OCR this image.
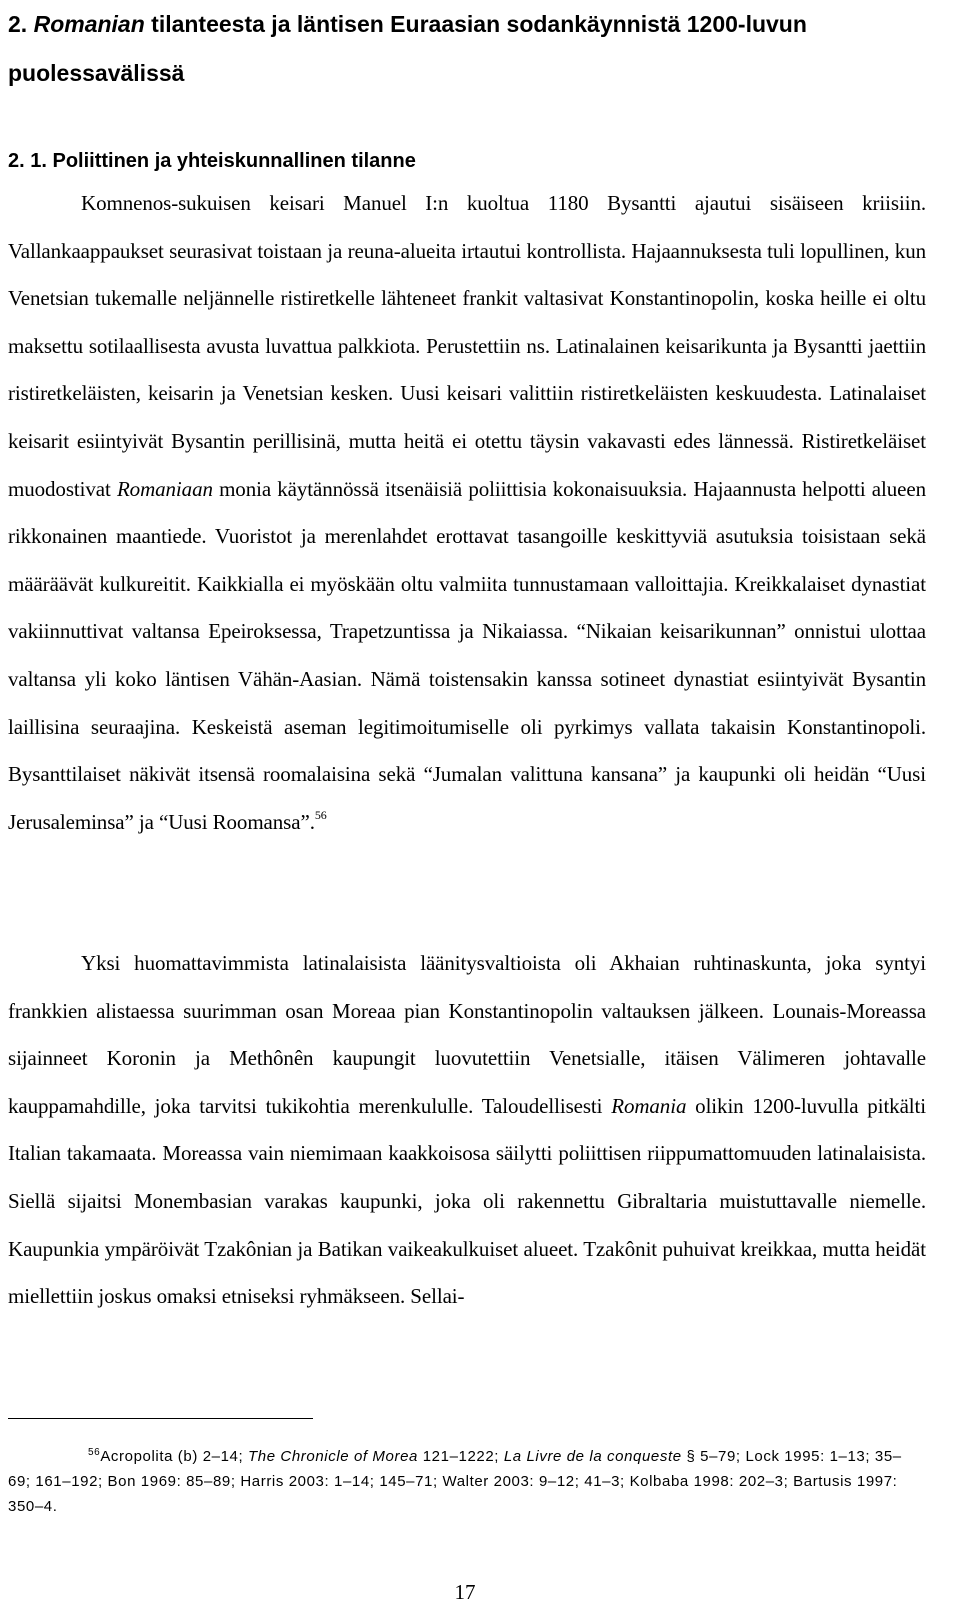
2. Romanian tilanteesta ja läntisen Euraasian sodankäynnistä 1200-luvun puolessavälissä
2. 1. Poliittinen ja yhteiskunnallinen tilanne

Komnenos-sukuisen keisari Manuel I:n kuoltua 1180 Bysantti ajautui sisäiseen kriisiin. Vallankaappaukset seurasivat toistaan ja reuna-alueita irtautui kontrollista. Hajaannuksesta tuli lopullinen, kun Venetsian tukemalle neljännelle ristiretkelle lähteneet frankit valtasivat Konstantinopolin, koska heille ei oltu maksettu sotilaallisesta avusta luvattua palkkiota. Perustettiin ns. Latinalainen keisarikunta ja Bysantti jaettiin ristiretkeläisten, keisarin ja Venetsian kesken. Uusi keisari valittiin ristiretkeläisten keskuudesta. Latinalaiset keisarit esiintyivät Bysantin perillisinä, mutta heitä ei otettu täysin vakavasti edes lännessä. Ristiretkeläiset muodostivat Romaniaan monia käytännössä itsenäisiä poliittisia kokonaisuuksia. Hajaannusta helpotti alueen rikkonainen maantiede. Vuoristot ja merenlahdet erottavat tasangoille keskittyviä asutuksia toisistaan sekä määräävät kulkureitit. Kaikkialla ei myöskään oltu valmiita tunnustamaan valloittajia. Kreikkalaiset dynastiat vakiinnuttivat valtansa Epeiroksessa, Trapetzuntissa ja Nikaiassa. “Nikaian keisarikunnan” onnistui ulottaa valtansa yli koko läntisen Vähän-Aasian. Nämä toistensakin kanssa sotineet dynastiat esiintyivät Bysantin laillisina seuraajina. Keskeistä aseman legitimoitumiselle oli pyrkimys vallata takaisin Konstantinopoli. Bysanttilaiset näkivät itsensä roomalaisina sekä “Jumalan valittuna kansana” ja kaupunki oli heidän “Uusi Jerusaleminsa” ja “Uusi Roomansa”.$^{56}$

Yksi huomattavimmista latinalaisista läänitysvaltioista oli Akhaian ruhtinaskunta, joka syntyi frankkien alistaessa suurimman osan Moreaa pian Konstantinopolin valtauksen jälkeen. Lounais-Moreassa sijainneet Koronin ja Methônên kaupungit luovutettiin Venetsialle, itäisen Välimeren johtavalle kauppamahdille, joka tarvitsi tukikohtia merenkululle. Taloudellisesti Romania olikin 1200-luvulla pitkälti Italian takamaata. Moreassa vain niemimaan kaakkoisosa säilytti poliittisen riippumattomuuden latinalaisista. Siellä sijaitsi Monembasian varakas kaupunki, joka oli rakennettu Gibraltaria muistuttavalle niemelle. Kaupunkia ympäröivät Tzakônian ja Batikan vaikeakulkuiset alueet. Tzakônit puhuivat kreikkaa, mutta heidät miellettiin joskus omaksi etniseksi ryhmäkseen. Sellai-

$^{56}$Acropolita (b) 2–14; The Chronicle of Morea 121–1222; La Livre de la conqueste § 5–79; Lock 1995: 1–13; 35–69; 161–192; Bon 1969: 85–89; Harris 2003: 1–14; 145–71; Walter 2003: 9–12; 41–3; Kolbaba 1998: 202–3; Bartusis 1997: 350–4.

17
